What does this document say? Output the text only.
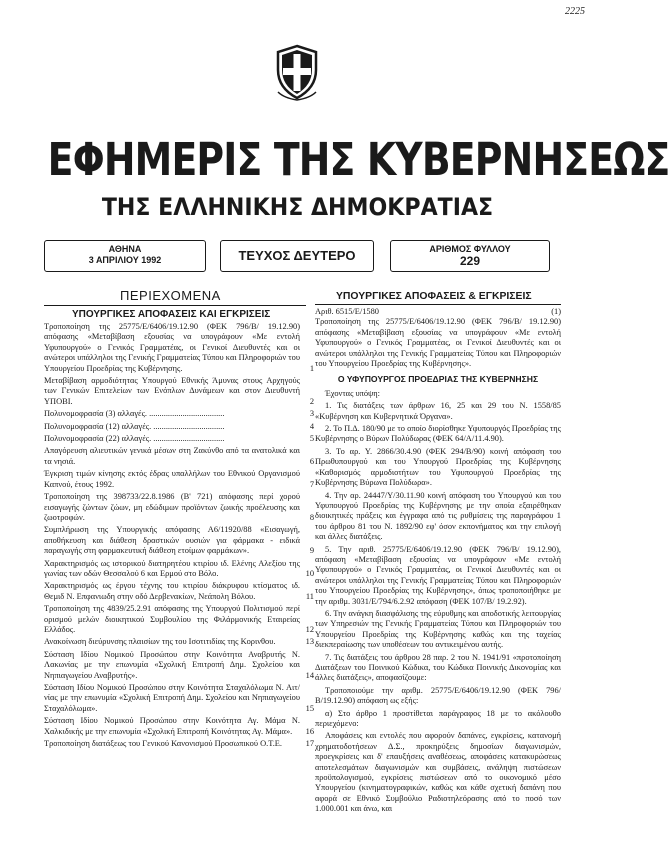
2225
ΕΦΗΜΕΡΙΣ ΤΗΣ ΚΥΒΕΡΝΗΣΕΩΣ
ΤΗΣ ΕΛΛΗΝΙΚΗΣ ΔΗΜΟΚΡΑΤΙΑΣ
ΑΘΗΝΑ
3 ΑΠΡΙΛΙΟΥ 1992	ΤΕΥΧΟΣ ΔΕΥΤΕΡΟ	ΑΡΙΘΜΟΣ ΦΥΛΛΟΥ
229
ΠΕΡΙΕΧΟΜΕΝΑ
ΥΠΟΥΡΓΙΚΕΣ ΑΠΟΦΑΣΕΙΣ ΚΑΙ ΕΓΚΡΙΣΕΙΣ
ΥΠΟΥΡΓΙΚΕΣ ΑΠΟΦΑΣΕΙΣ & ΕΓΚΡΙΣΕΙΣ
Τροποποίηση της 25775/Ε/6406/19.12.90 (ΦΕΚ 796/Β/ 19.12.90) απόφασης «Μεταβίβαση εξουσίας να υπογράφουν «Με εντολή Υφυπουργού» ο Γενικός Γραμματέας, οι Γενικοί Διευθυντές και οι ανώτεροι υπάλληλοι της Γενικής Γραμματείας Τύπου και Πληροφοριών του Υπουργείου Προεδρίας της Κυβέρνησης.	1
Μεταβίβαση αρμοδιότητας Υπουργού Εθνικής Άμυνας στους Αρχηγούς των Γενικών Επιτελείων των Ενόπλων Δυνάμεων και στον Διευθυντή ΥΠΟΒΙ.	2
Πολυνομοφρασία (3) αλλαγές. ....................................	3
Πολυνομοφρασία (12) αλλαγές. ..................................	4
Πολυνομοφρασία (22) αλλαγές. ..................................	5
Απαγόρευση αλιευτικών γενικά μέσων στη Ζακύνθο από τα ανατολικά και τα νησιά.	6
Έγκριση τιμών κίνησης εκτός έδρας υπαλλήλων του Εθνικού Οργανισμού Καπνού, έτους 1992.	7
Τροποποίηση της 398733/22.8.1986 (Β' 721) απόφασης περί χορού εισαγωγής ζώντων ζώων, μη εδώδιμων προϊόντων ζωικής προέλευσης και ζωοτροφών.	8
Συμπλήρωση της Υπουργικής απόφασης Α6/11920/88 «Εισαγωγή, αποθήκευση και διάθεση δραστικών ουσιών για φάρμακα - ειδικά παραγωγής στη φαρμακευτική διάθεση ετοίμων φαρμάκων».	9
Χαρακτηρισμός ως ιστορικού διατηρητέου κτιρίου ιδ. Ελένης Αλεξίου της γωνίας των οδών Θεσσαλού 6 και Ερμού στο Βόλο.	10
Χαρακτηρισμός ως έργου τέχνης του κτιρίου διάκρυφου κτίσματος ιδ. Θεμιδ Ν. Επφανιωδη στην οδό Δερβενακίων, Νεάπολη Βόλου.	11
Τροποποίηση της 4839/25.2.91 απόφασης της Υπουργού Πολιτισμού περί ορισμού μελών διοικητικού Συμβουλίου της Φιλάρμονικής Εταιρείας Ελλάδος.	12
Ανακοίνωση διεύρυνσης πλαισίων της του Ισοτιτιδίας της Κορινθου.	13
Σύσταση Ιδίου Νομικού Προσώπου στην Κοινότητα Αναβρυτής Ν. Λακωνίας με την επωνυμία «Σχολική Επιτροπή Δημ. Σχολείου και Νηπιαγωγείου Αναβρυτής».	14
Σύσταση Ιδίου Νομικού Προσώπου στην Κοινότητα Σταχαλόλωμα Ν. Αιτ/νίας με την επωνυμία «Σχολική Επιτροπή Δημ. Σχολείου και Νηπιαγωγείου Σταχαλόλωμα».	15
Σύσταση Ιδίου Νομικού Προσώπου στην Κοινότητα Αγ. Μάμα Ν. Χαλκιδικής με την επωνυμία «Σχολική Επιτροπή Κοινότητας Αγ. Μάμα».	16
Τροποποίηση διατάξεως του Γενικού Κανονισμού Προσωπικού Ο.Τ.Ε.	17
Αριθ. 6515/Ε/1580	(1)
Τροποποίηση της 25775/Ε/6406/19.12.90 (ΦΕΚ 796/Β/ 19.12.90) απόφασης «Μεταβίβαση εξουσίας να υπογράφουν «Με εντολή Υφυπουργού» ο Γενικός Γραμματέας, οι Γενικοί Διευθυντές και οι ανώτεροι υπάλληλοι της Γενικής Γραμματείας Τύπου και Πληροφοριών του Υπουργείου Προεδρίας της Κυβέρνησης».
Ο ΥΦΥΠΟΥΡΓΟΣ ΠΡΟΕΔΡΙΑΣ ΤΗΣ ΚΥΒΕΡΝΗΣΗΣ
Έχοντας υπόψη:
1. Τις διατάξεις των άρθρων 16, 25 και 29 του Ν. 1558/85 «Κυβέρνηση και Κυβερνητικά Όργανα».
2. Το Π.Δ. 180/90 με το οποίο διορίσθηκε Υφυπουργός Προεδρίας της Κυβέρνησης ο Βύρων Πολύδωρας (ΦΕΚ 64/Α/11.4.90).
3. Το αρ. Υ. 2866/30.4.90 (ΦΕΚ 294/Β/90) κοινή απόφαση του Πρωθυπουργού και του Υπουργού Προεδρίας της Κυβέρνησης «Καθορισμός αρμοδιοτήτων του Υφυπουργού Προεδρίας της Κυβέρνησης Βύρωνα Πολύδωρα».
4. Την αρ. 24447/Υ/30.11.90 κοινή απόφαση του Υπουργού και του Υφυπουργού Προεδρίας της Κυβέρνησης με την οποία εξαιρέθηκαν διοικητικές πράξεις και έγγραφα από τις ρυθμίσεις της παραγράφου 1 του άρθρου 81 του Ν. 1892/90 εφ' όσον εκπονήματος και την επιλογή και άλλες διατάξεις.
5. Την αριθ. 25775/Ε/6406/19.12.90 (ΦΕΚ 796/Β/ 19.12.90), απόφαση «Μεταβίβαση εξουσίας να υπογράφουν «Με εντολή Υφυπουργού» ο Γενικός Γραμματέας, οι Γενικοί Διευθυντές και οι ανώτεροι υπάλληλοι της Γενικής Γραμματείας Τύπου και Πληροφοριών του Υπουργείου Προεδρίας της Κυβέρνησης», όπως τροποποιήθηκε με την αριθμ. 3031/Ε/794/6.2.92 απόφαση (ΦΕΚ 107/Β/ 19.2.92).
6. Την ανάγκη διασφάλισης της εύρυθμης και αποδοτικής λειτουργίας των Υπηρεσιών της Γενικής Γραμματείας Τύπου και Πληροφοριών του Υπουργείου Προεδρίας της Κυβέρνησης καθώς και της ταχείας διεκπεραίωσης των υποθέσεων του αντικειμένου αυτής.
7. Τις διατάξεις του άρθρου 28 παρ. 2 του Ν. 1941/91 «προτοποίηση Διατάξεων του Ποινικού Κώδικα, του Κώδικα Ποινικής Δικονομίας και άλλες διατάξεις», αποφασίζουμε:
Τροποποιούμε την αριθμ. 25775/Ε/6406/19.12.90 (ΦΕΚ 796/ Β/19.12.90) απόφαση ως εξής:
α) Στο άρθρο 1 προστίθεται παράγραφος 18 με το ακόλουθο περιεχόμενο:
Αποφάσεις και εντολές που αφορούν δαπάνες, εγκρίσεις, κατανομή χρηματοδοτήσεων Δ.Σ., προκηρύξεις δημοσίων διαγωνισμών, προεγκρίσεις και δ' επαυξήσεις αναθέσεως, αποφάσεις κατακυρώσεως αποτελεσμάτων διαγωνισμών και συμβάσεις, ανάληψη πιστώσεων προϋπολογισμού, εγκρίσεις πιστώσεων από το οικονομικό μέσο Υπουργείου (κινηματογραφικών, καθώς και κάθε σχετική δαπάνη που αφορά σε Εθνικό Συμβούλιο Ραδιοτηλεόρασης από το ποσό των 1.000.001 και άνω, και
